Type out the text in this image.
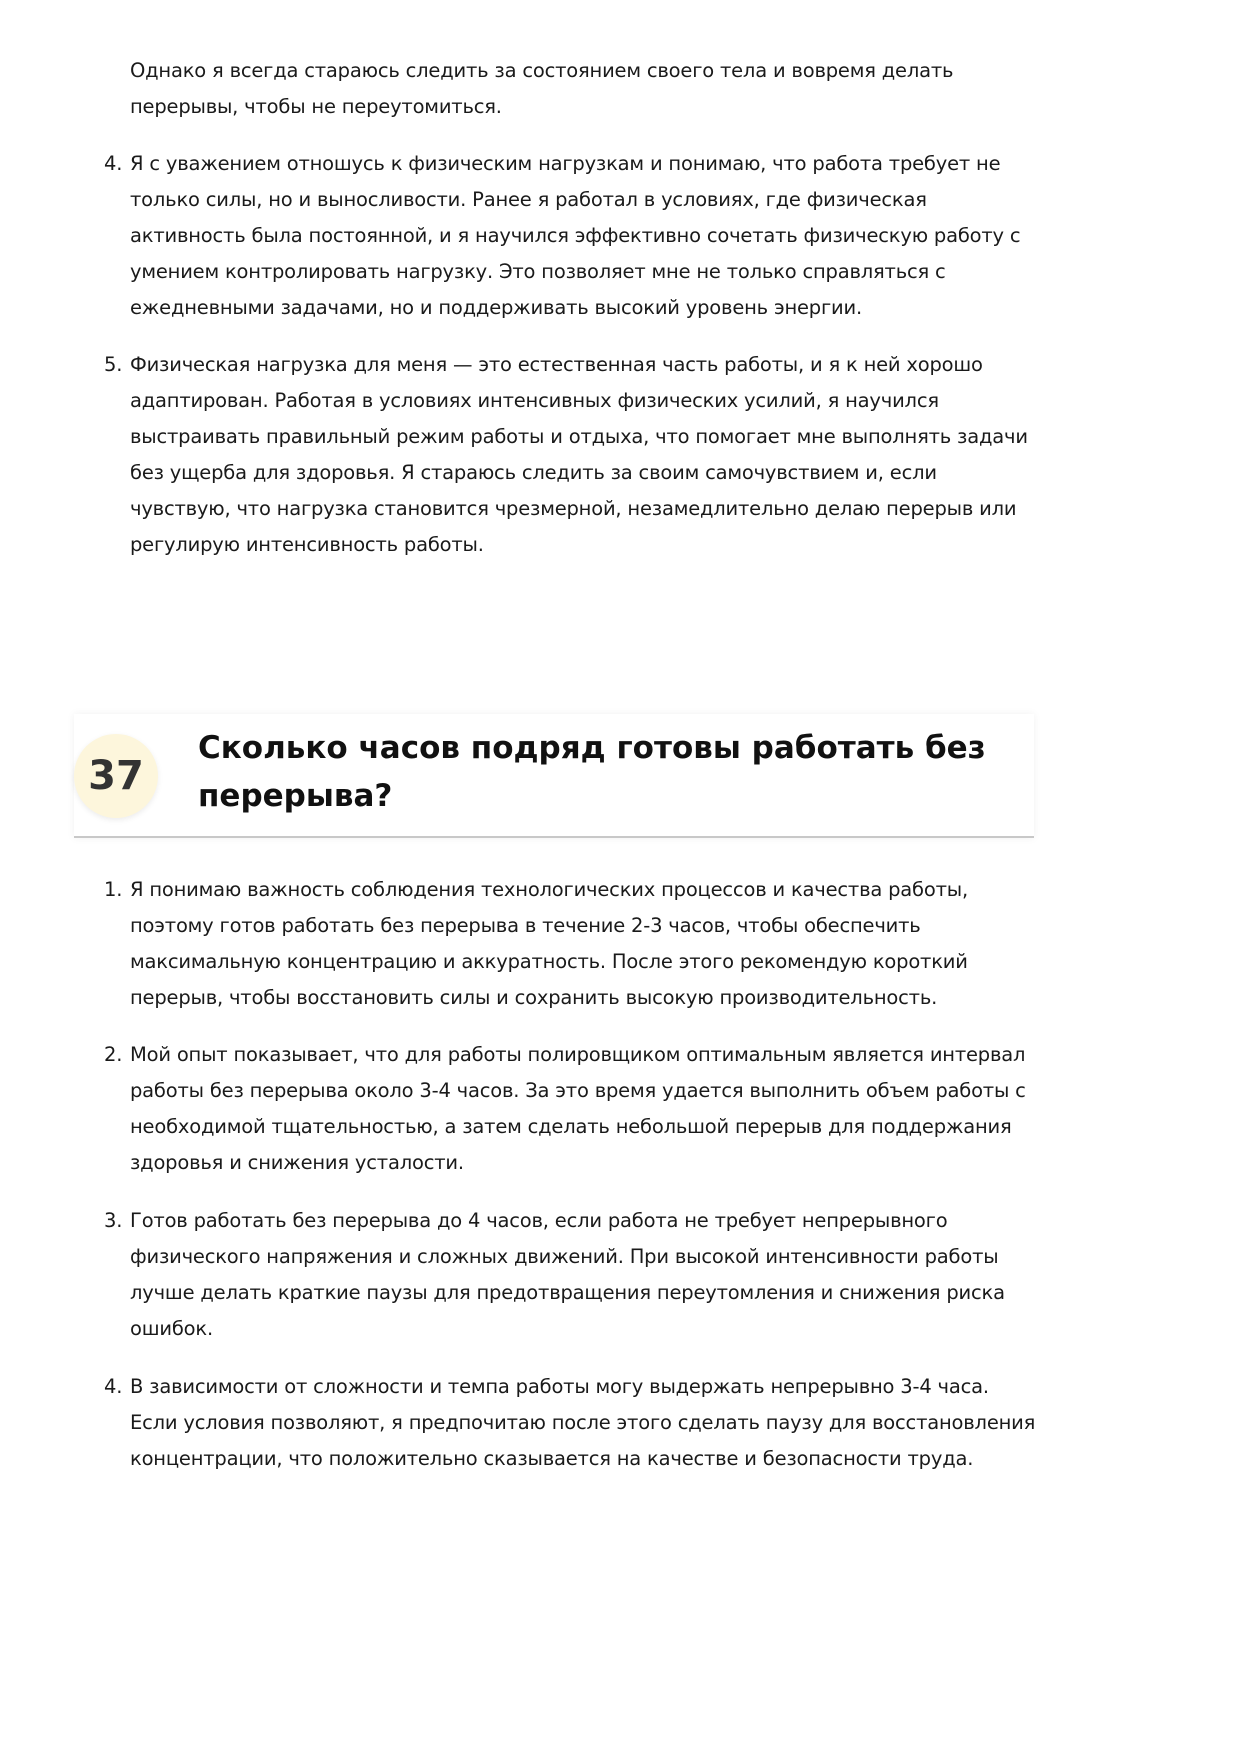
Однако я всегда стараюсь следить за состоянием своего тела и вовремя делать перерывы, чтобы не переутомиться.
4. Я с уважением отношусь к физическим нагрузкам и понимаю, что работа требует не только силы, но и выносливости. Ранее я работал в условиях, где физическая активность была постоянной, и я научился эффективно сочетать физическую работу с умением контролировать нагрузку. Это позволяет мне не только справляться с ежедневными задачами, но и поддерживать высокий уровень энергии.
5. Физическая нагрузка для меня — это естественная часть работы, и я к ней хорошо адаптирован. Работая в условиях интенсивных физических усилий, я научился выстраивать правильный режим работы и отдыха, что помогает мне выполнять задачи без ущерба для здоровья. Я стараюсь следить за своим самочувствием и, если чувствую, что нагрузка становится чрезмерной, незамедлительно делаю перерыв или регулирую интенсивность работы.
37
Сколько часов подряд готовы работать без перерыва?
1. Я понимаю важность соблюдения технологических процессов и качества работы, поэтому готов работать без перерыва в течение 2-3 часов, чтобы обеспечить максимальную концентрацию и аккуратность. После этого рекомендую короткий перерыв, чтобы восстановить силы и сохранить высокую производительность.
2. Мой опыт показывает, что для работы полировщиком оптимальным является интервал работы без перерыва около 3-4 часов. За это время удается выполнить объем работы с необходимой тщательностью, а затем сделать небольшой перерыв для поддержания здоровья и снижения усталости.
3. Готов работать без перерыва до 4 часов, если работа не требует непрерывного физического напряжения и сложных движений. При высокой интенсивности работы лучше делать краткие паузы для предотвращения переутомления и снижения риска ошибок.
4. В зависимости от сложности и темпа работы могу выдержать непрерывно 3-4 часа. Если условия позволяют, я предпочитаю после этого сделать паузу для восстановления концентрации, что положительно сказывается на качестве и безопасности труда.
